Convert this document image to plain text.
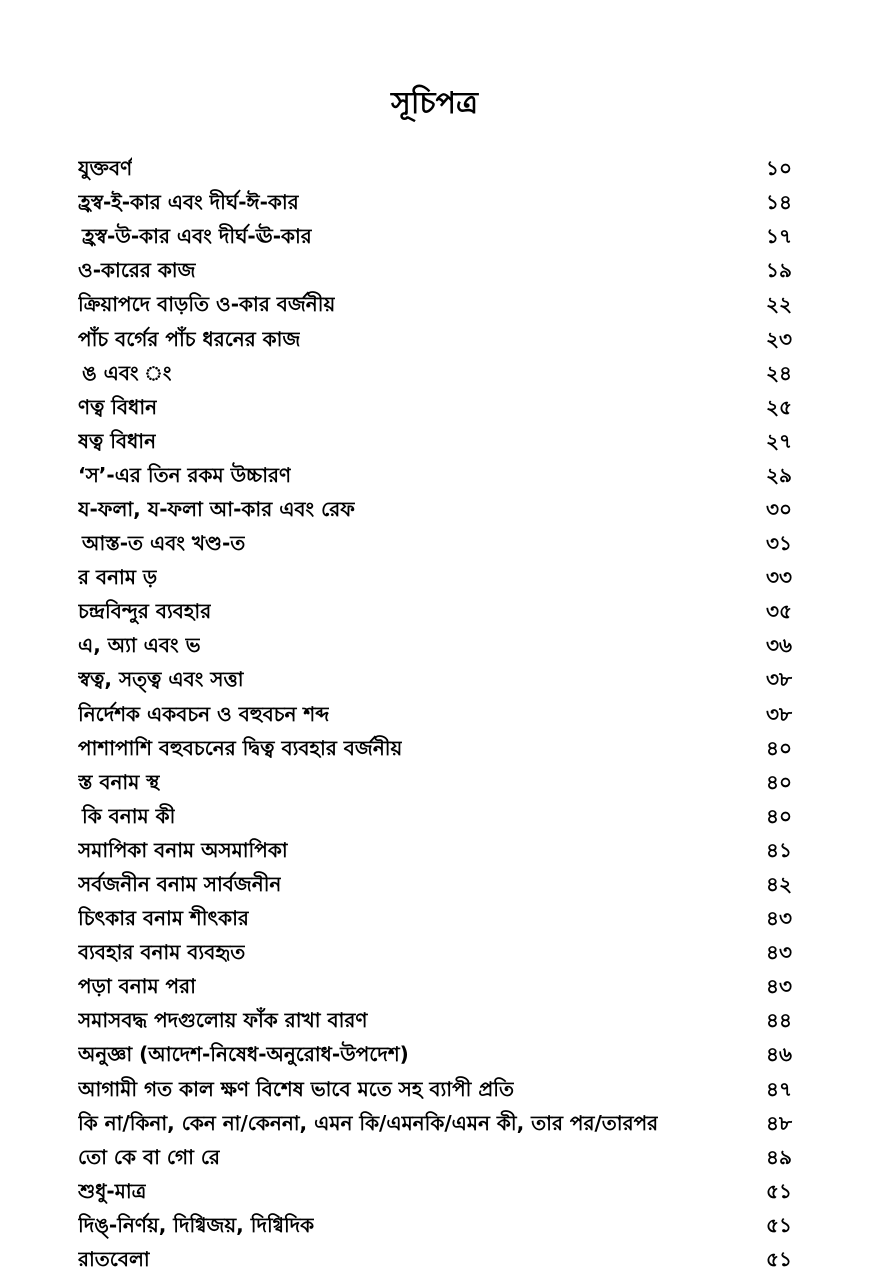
সূচিপত্র
যুক্তবর্ণ	১০
হ্রস্ব-ই-কার এবং দীর্ঘ-ঈ-কার	১৪
হ্রস্ব-উ-কার এবং দীর্ঘ-ঊ-কার	১৭
ও-কারের কাজ	১৯
ক্রিয়াপদে বাড়তি ও-কার বর্জনীয়	২২
পাঁচ বর্গের পাঁচ ধরনের কাজ	২৩
ঙ এবং ং	২৪
ণত্ব বিধান	২৫
ষত্ব বিধান	২৭
‘স’-এর তিন রকম উচ্চারণ	২৯
য-ফলা, য-ফলা আ-কার এবং রেফ	৩০
আস্ত-ত এবং খণ্ড-ত	৩১
র বনাম ড়	৩৩
চন্দ্রবিন্দুর ব্যবহার	৩৫
এ, অ্যা এবং ভ	৩৬
স্বত্ব, সত্ত্ব এবং সত্তা	৩৮
নির্দেশক একবচন ও বহুবচন শব্দ	৩৮
পাশাপাশি বহুবচনের দ্বিত্ব ব্যবহার বর্জনীয়	৪০
স্ত বনাম স্থ	৪০
কি বনাম কী	৪০
সমাপিকা বনাম অসমাপিকা	৪১
সর্বজনীন বনাম সার্বজনীন	৪২
চিৎকার বনাম শীৎকার	৪৩
ব্যবহার বনাম ব্যবহৃত	৪৩
পড়া বনাম পরা	৪৩
সমাসবদ্ধ পদগুলোয় ফাঁক রাখা বারণ	৪৪
অনুজ্ঞা (আদেশ-নিষেধ-অনুরোধ-উপদেশ)	৪৬
আগামী গত কাল ক্ষণ বিশেষ ভাবে মতে সহ ব্যাপী প্রতি	৪৭
কি না/কিনা, কেন না/কেননা, এমন কি/এমনকি/এমন কী, তার পর/তারপর	৪৮
তো কে বা গো রে	৪৯
শুধু-মাত্র	৫১
দিঙ্-নির্ণয়, দিগ্বিজয়, দিগ্বিদিক	৫১
রাতবেলা	৫১
